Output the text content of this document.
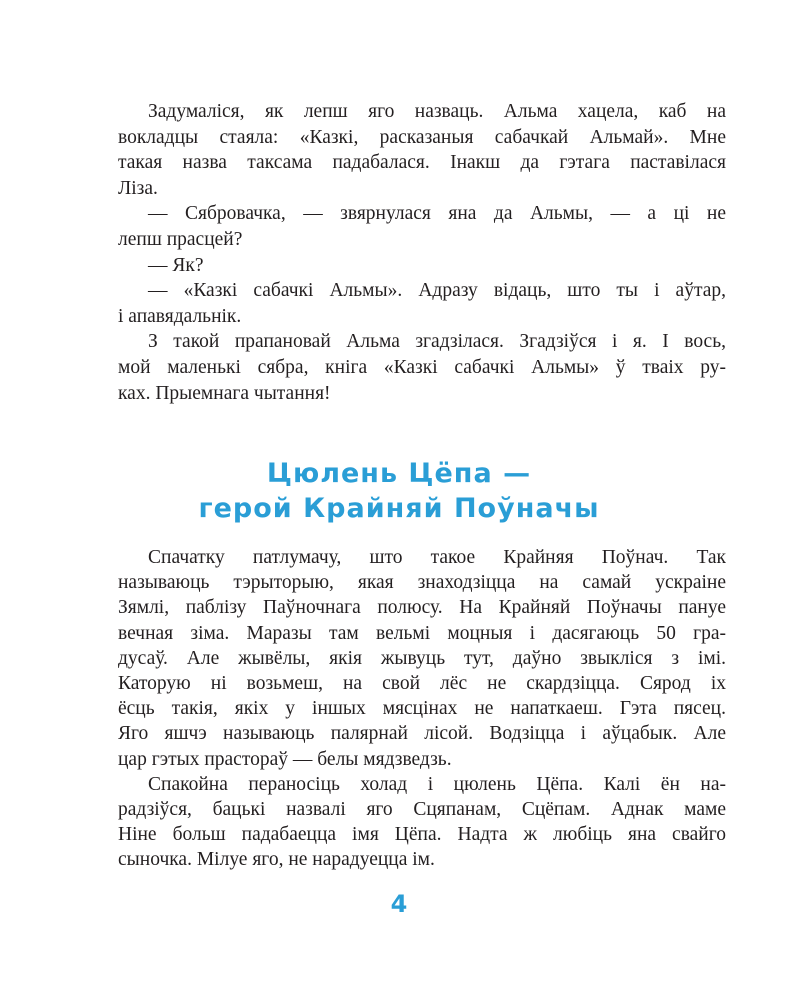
Задумаліся, як лепш яго назваць. Альма хацела, каб на
вокладцы стаяла: «Казкі, расказаныя сабачкай Альмай». Мне
такая назва таксама падабалася. Інакш да гэтага паставілася
Ліза.
— Сябровачка, — звярнулася яна да Альмы, — а ці не
лепш прасцей?
— Як?
— «Казкі сабачкі Альмы». Адразу відаць, што ты і аўтар,
і апавядальнік.
З такой прапановай Альма згадзілася. Згадзіўся і я. І вось,
мой маленькі сябра, кніга «Казкі сабачкі Альмы» ў тваіх ру-
ках. Прыемнага чытання!
Цюлень Цёпа —
герой Крайняй Поўначы
Спачатку патлумачу, што такое Крайняя Поўнач. Так
называюць тэрыторыю, якая знаходзіцца на самай ускраіне
Зямлі, паблізу Паўночнага полюсу. На Крайняй Поўначы пануе
вечная зіма. Маразы там вельмі моцныя і дасягаюць 50 гра-
дусаў. Але жывёлы, якія жывуць тут, даўно звыкліся з імі.
Каторую ні возьмеш, на свой лёс не скардзіцца. Сярод іх
ёсць такія, якіх у іншых мясцінах не напаткаеш. Гэта пясец.
Яго яшчэ называюць палярнай лісой. Водзіцца і аўцабык. Але
цар гэтых прастораў — белы мядзведзь.
Спакойна пераносіць холад і цюлень Цёпа. Калі ён на-
радзіўся, бацькі назвалі яго Сцяпанам, Сцёпам. Аднак маме
Ніне больш падабаецца імя Цёпа. Надта ж любіць яна свайго
сыночка. Мілуе яго, не нарадуецца ім.
4
